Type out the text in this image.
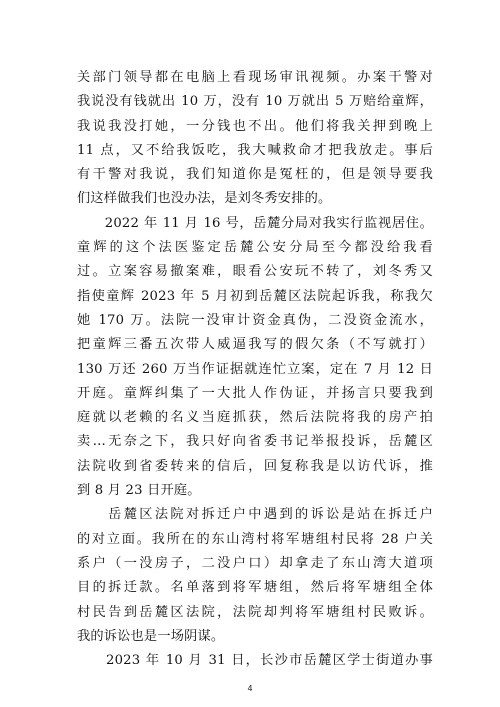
关部门领导都在电脑上看现场审讯视频。办案干警对
我说没有钱就出 10 万，没有 10 万就出 5 万赔给童辉，
我说我没打她，一分钱也不出。他们将我关押到晚上
11 点，又不给我饭吃，我大喊救命才把我放走。事后
有干警对我说，我们知道你是冤枉的，但是领导要我
们这样做我们也没办法，是刘冬秀安排的。
　　2022 年 11 月 16 号，岳麓分局对我实行监视居住。
童辉的这个法医鉴定岳麓公安分局至今都没给我看
过。立案容易撤案难，眼看公安玩不转了，刘冬秀又
指使童辉 2023 年 5 月初到岳麓区法院起诉我，称我欠
她 170 万。法院一没审计资金真伪，二没资金流水，
把童辉三番五次带人威逼我写的假欠条（不写就打）
130 万还 260 万当作证据就连忙立案，定在 7 月 12 日
开庭。童辉纠集了一大批人作伪证，并扬言只要我到
庭就以老赖的名义当庭抓获，然后法院将我的房产拍
卖…无奈之下，我只好向省委书记举报投诉，岳麓区
法院收到省委转来的信后，回复称我是以访代诉，推
到 8 月 23 日开庭。
　　岳麓区法院对拆迁户中遇到的诉讼是站在拆迁户
的对立面。我所在的东山湾村将军塘组村民将 28 户关
系户（一没房子，二没户口）却拿走了东山湾大道项
目的拆迁款。名单落到将军塘组，然后将军塘组全体
村民告到岳麓区法院，法院却判将军塘组村民败诉。
我的诉讼也是一场阴谋。
　　2023 年 10 月 31 日，长沙市岳麓区学士街道办事
4
